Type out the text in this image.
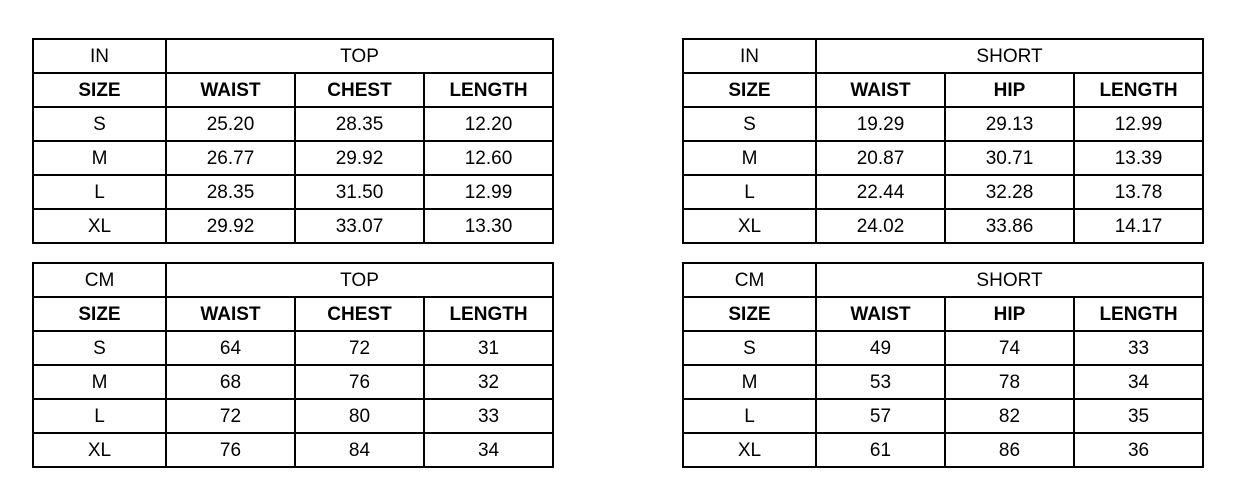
IN	TOP		
SIZE	WAIST	CHEST	LENGTH
S	25.20	28.35	12.20
M	26.77	29.92	12.60
L	28.35	31.50	12.99
XL	29.92	33.07	13.30
IN	SHORT		
SIZE	WAIST	HIP	LENGTH
S	19.29	29.13	12.99
M	20.87	30.71	13.39
L	22.44	32.28	13.78
XL	24.02	33.86	14.17
CM	TOP		
SIZE	WAIST	CHEST	LENGTH
S	64	72	31
M	68	76	32
L	72	80	33
XL	76	84	34
CM	SHORT		
SIZE	WAIST	HIP	LENGTH
S	49	74	33
M	53	78	34
L	57	82	35
XL	61	86	36
